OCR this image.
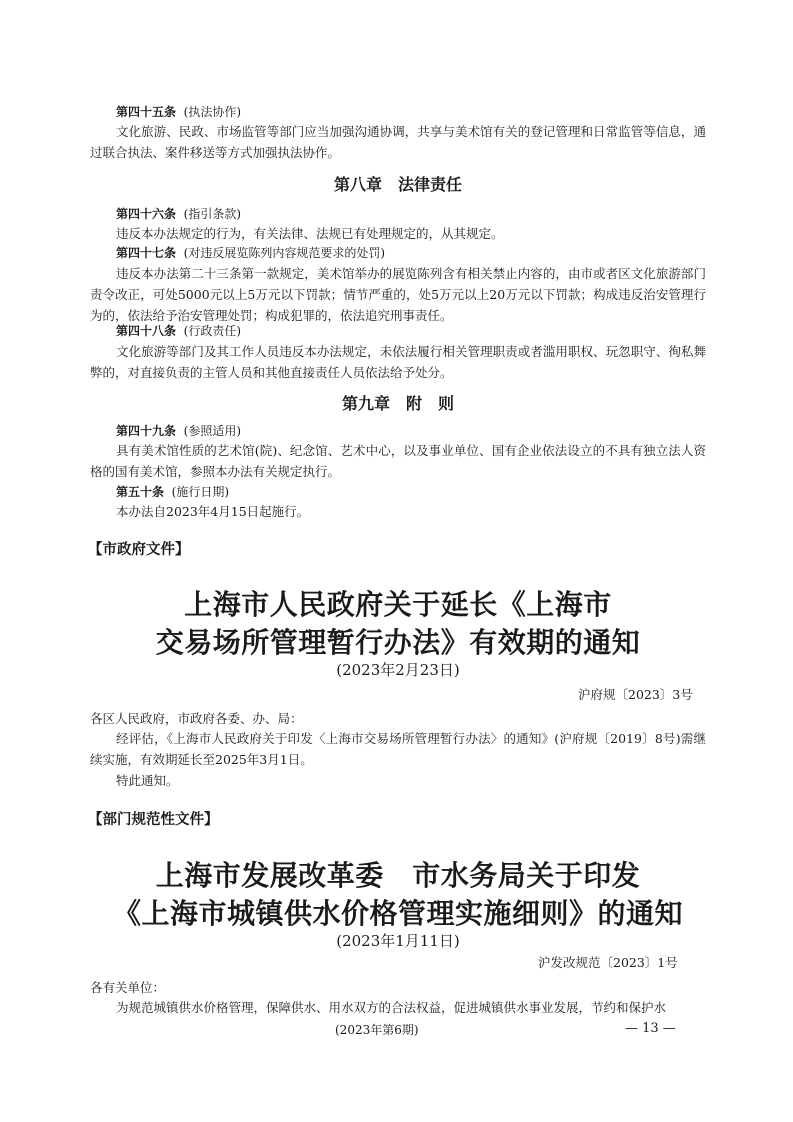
第四十五条 (执法协作)
文化旅游、民政、市场监管等部门应当加强沟通协调，共享与美术馆有关的登记管理和日常监管等信息，通过联合执法、案件移送等方式加强执法协作。
第八章　法律责任
第四十六条 (指引条款)
违反本办法规定的行为，有关法律、法规已有处理规定的，从其规定。
第四十七条 (对违反展览陈列内容规范要求的处罚)
违反本办法第二十三条第一款规定，美术馆举办的展览陈列含有相关禁止内容的，由市或者区文化旅游部门责令改正，可处5000元以上5万元以下罚款；情节严重的，处5万元以上20万元以下罚款；构成违反治安管理行为的，依法给予治安管理处罚；构成犯罪的，依法追究刑事责任。
第四十八条 (行政责任)
文化旅游等部门及其工作人员违反本办法规定，未依法履行相关管理职责或者滥用职权、玩忽职守、徇私舞弊的，对直接负责的主管人员和其他直接责任人员依法给予处分。
第九章　附　则
第四十九条 (参照适用)
具有美术馆性质的艺术馆(院)、纪念馆、艺术中心，以及事业单位、国有企业依法设立的不具有独立法人资格的国有美术馆，参照本办法有关规定执行。
第五十条 (施行日期)
本办法自2023年4月15日起施行。
【市政府文件】
上海市人民政府关于延长《上海市
交易场所管理暂行办法》有效期的通知
(2023年2月23日)
沪府规〔2023〕3号
各区人民政府，市政府各委、办、局：
经评估，《上海市人民政府关于印发〈上海市交易场所管理暂行办法〉的通知》(沪府规〔2019〕8号)需继续实施，有效期延长至2025年3月1日。
特此通知。
【部门规范性文件】
上海市发展改革委　市水务局关于印发
《上海市城镇供水价格管理实施细则》的通知
(2023年1月11日)
沪发改规范〔2023〕1号
各有关单位：
为规范城镇供水价格管理，保障供水、用水双方的合法权益，促进城镇供水事业发展，节约和保护水
(2023年第6期)	— 13 —
